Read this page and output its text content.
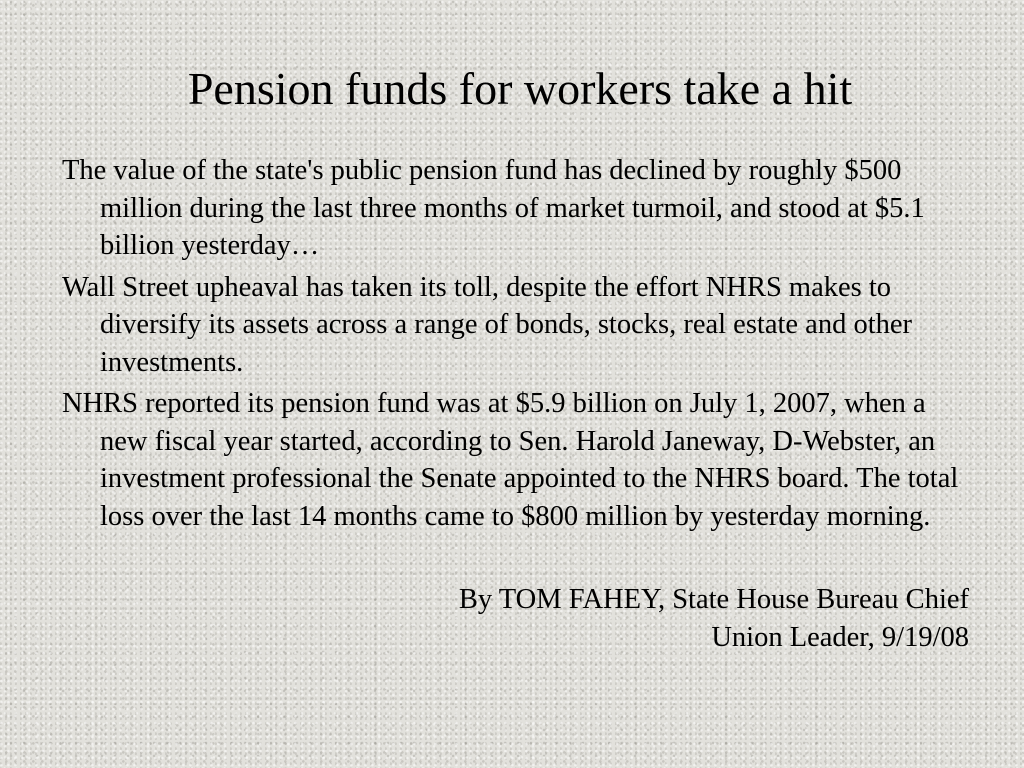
Pension funds for workers take a hit

The value of the state's public pension fund has declined by roughly $500 million during the last three months of market turmoil, and stood at $5.1 billion yesterday…

Wall Street upheaval has taken its toll, despite the effort NHRS makes to diversify its assets across a range of bonds, stocks, real estate and other investments.

NHRS reported its pension fund was at $5.9 billion on July 1, 2007, when a new fiscal year started, according to Sen. Harold Janeway, D-Webster, an investment professional the Senate appointed to the NHRS board. The total loss over the last 14 months came to $800 million by yesterday morning.

By TOM FAHEY, State House Bureau Chief
Union Leader, 9/19/08
